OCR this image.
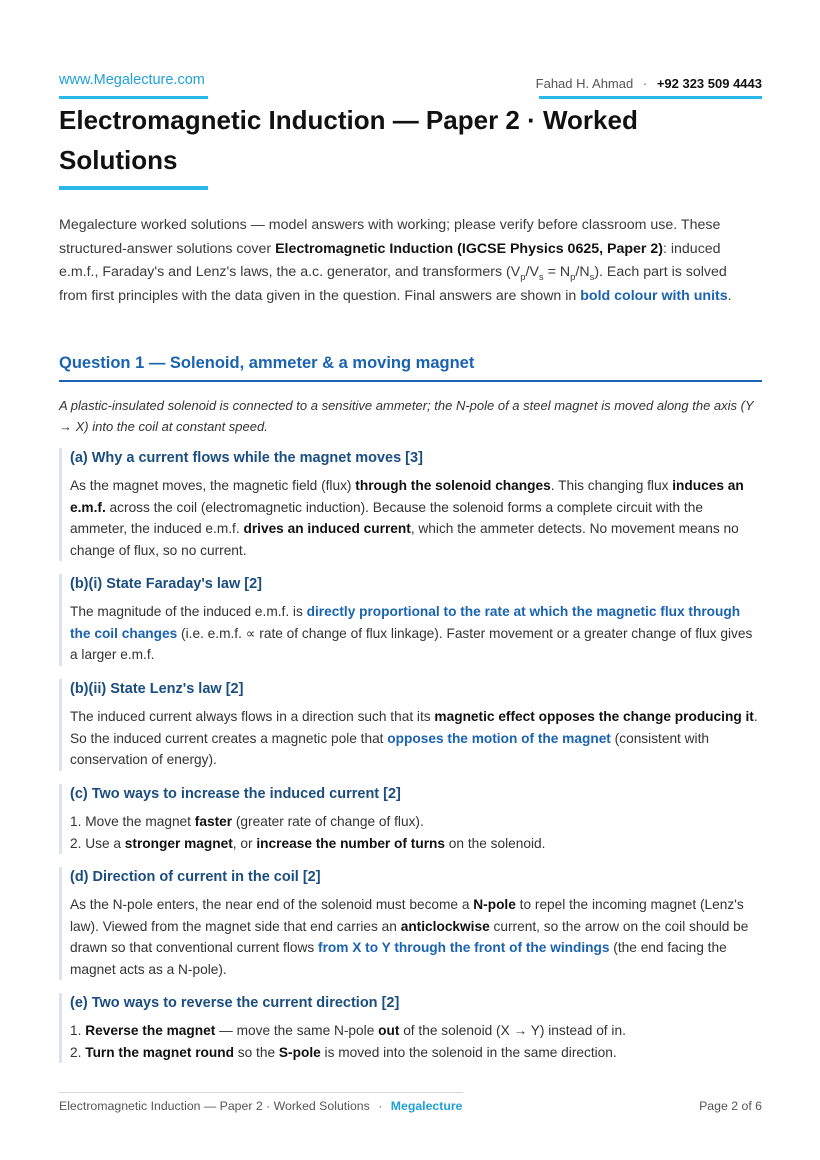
www.Megalecture.com	Fahad H. Ahmad · +92 323 509 4443
Electromagnetic Induction — Paper 2 · Worked Solutions

Megalecture worked solutions — model answers with working; please verify before classroom use. These structured-answer solutions cover Electromagnetic Induction (IGCSE Physics 0625, Paper 2): induced e.m.f., Faraday's and Lenz's laws, the a.c. generator, and transformers $(V_p/V_s = N_p/N_s)$. Each part is solved from first principles with the data given in the question. Final answers are shown in bold colour with units.

Question 1 — Solenoid, ammeter & a moving magnet

A plastic-insulated solenoid is connected to a sensitive ammeter; the N-pole of a steel magnet is moved along the axis (Y → X) into the coil at constant speed.

(a) Why a current flows while the magnet moves [3]

As the magnet moves, the magnetic field (flux) through the solenoid changes. This changing flux induces an e.m.f. across the coil (electromagnetic induction). Because the solenoid forms a complete circuit with the ammeter, the induced e.m.f. drives an induced current, which the ammeter detects. No movement means no change of flux, so no current.

(b)(i) State Faraday's law [2]

The magnitude of the induced e.m.f. is directly proportional to the rate at which the magnetic flux through the coil changes (i.e. e.m.f. ∝ rate of change of flux linkage). Faster movement or a greater change of flux gives a larger e.m.f.

(b)(ii) State Lenz's law [2]

The induced current always flows in a direction such that its magnetic effect opposes the change producing it. So the induced current creates a magnetic pole that opposes the motion of the magnet (consistent with conservation of energy).

(c) Two ways to increase the induced current [2]

1. Move the magnet faster (greater rate of change of flux).
2. Use a stronger magnet, or increase the number of turns on the solenoid.

(d) Direction of current in the coil [2]

As the N-pole enters, the near end of the solenoid must become a N-pole to repel the incoming magnet (Lenz's law). Viewed from the magnet side that end carries an anticlockwise current, so the arrow on the coil should be drawn so that conventional current flows from X to Y through the front of the windings (the end facing the magnet acts as a N-pole).

(e) Two ways to reverse the current direction [2]

1. Reverse the magnet — move the same N-pole out of the solenoid (X → Y) instead of in.
2. Turn the magnet round so the S-pole is moved into the solenoid in the same direction.

Electromagnetic Induction — Paper 2 · Worked Solutions · Megalecture	Page 2 of 6
